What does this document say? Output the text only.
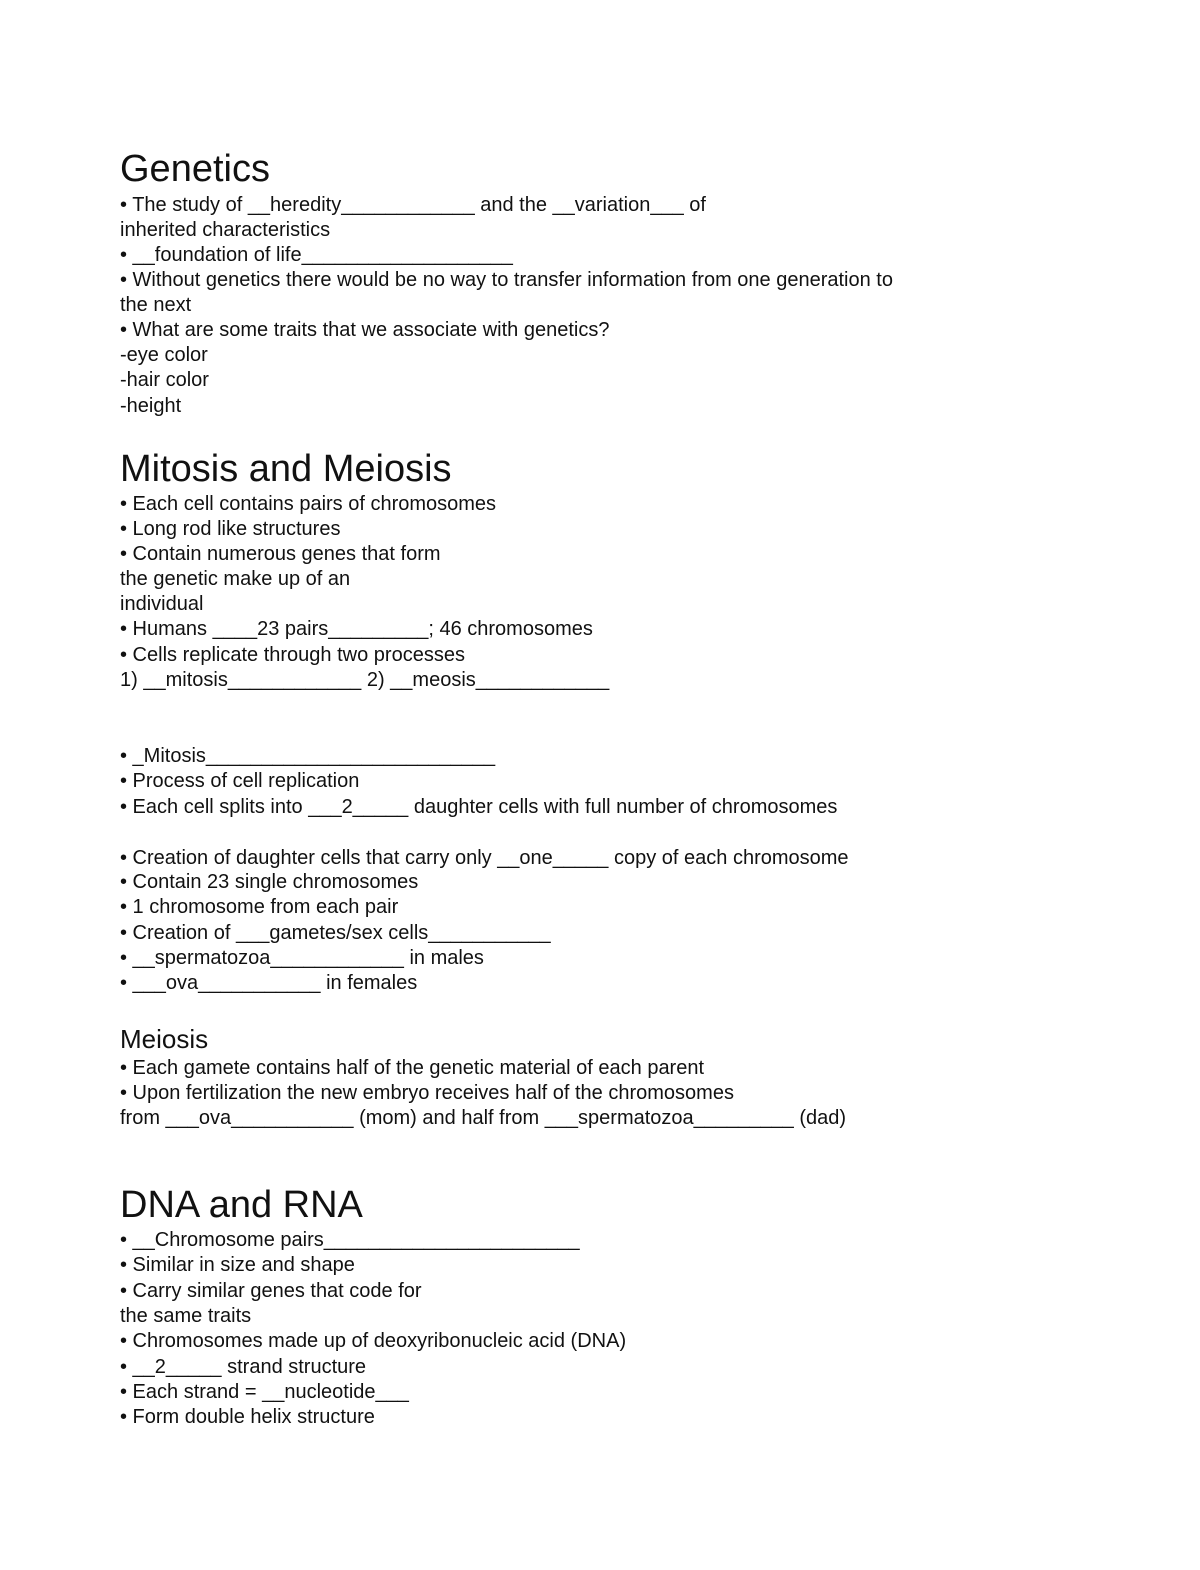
Genetics

• The study of __heredity____________ and the __variation___ of

inherited characteristics

• __foundation of life___________________

• Without genetics there would be no way to transfer information from one generation to

the next

• What are some traits that we associate with genetics?

-eye color

-hair color

-height

Mitosis and Meiosis

• Each cell contains pairs of chromosomes

• Long rod like structures

• Contain numerous genes that form

the genetic make up of an

individual

• Humans ____23 pairs_________; 46 chromosomes

• Cells replicate through two processes

1) __mitosis____________ 2) __meosis____________

• _Mitosis__________________________

• Process of cell replication

• Each cell splits into ___2_____ daughter cells with full number of chromosomes

• Creation of daughter cells that carry only __one_____ copy of each chromosome

• Contain 23 single chromosomes

• 1 chromosome from each pair

• Creation of ___gametes/sex cells___________

• __spermatozoa____________ in males

• ___ova___________ in females

Meiosis

• Each gamete contains half of the genetic material of each parent

• Upon fertilization the new embryo receives half of the chromosomes

from ___ova___________ (mom) and half from ___spermatozoa_________ (dad)

DNA and RNA

• __Chromosome pairs_______________________

• Similar in size and shape

• Carry similar genes that code for

the same traits

• Chromosomes made up of deoxyribonucleic acid (DNA)

• __2_____ strand structure

• Each strand = __nucleotide___

• Form double helix structure
